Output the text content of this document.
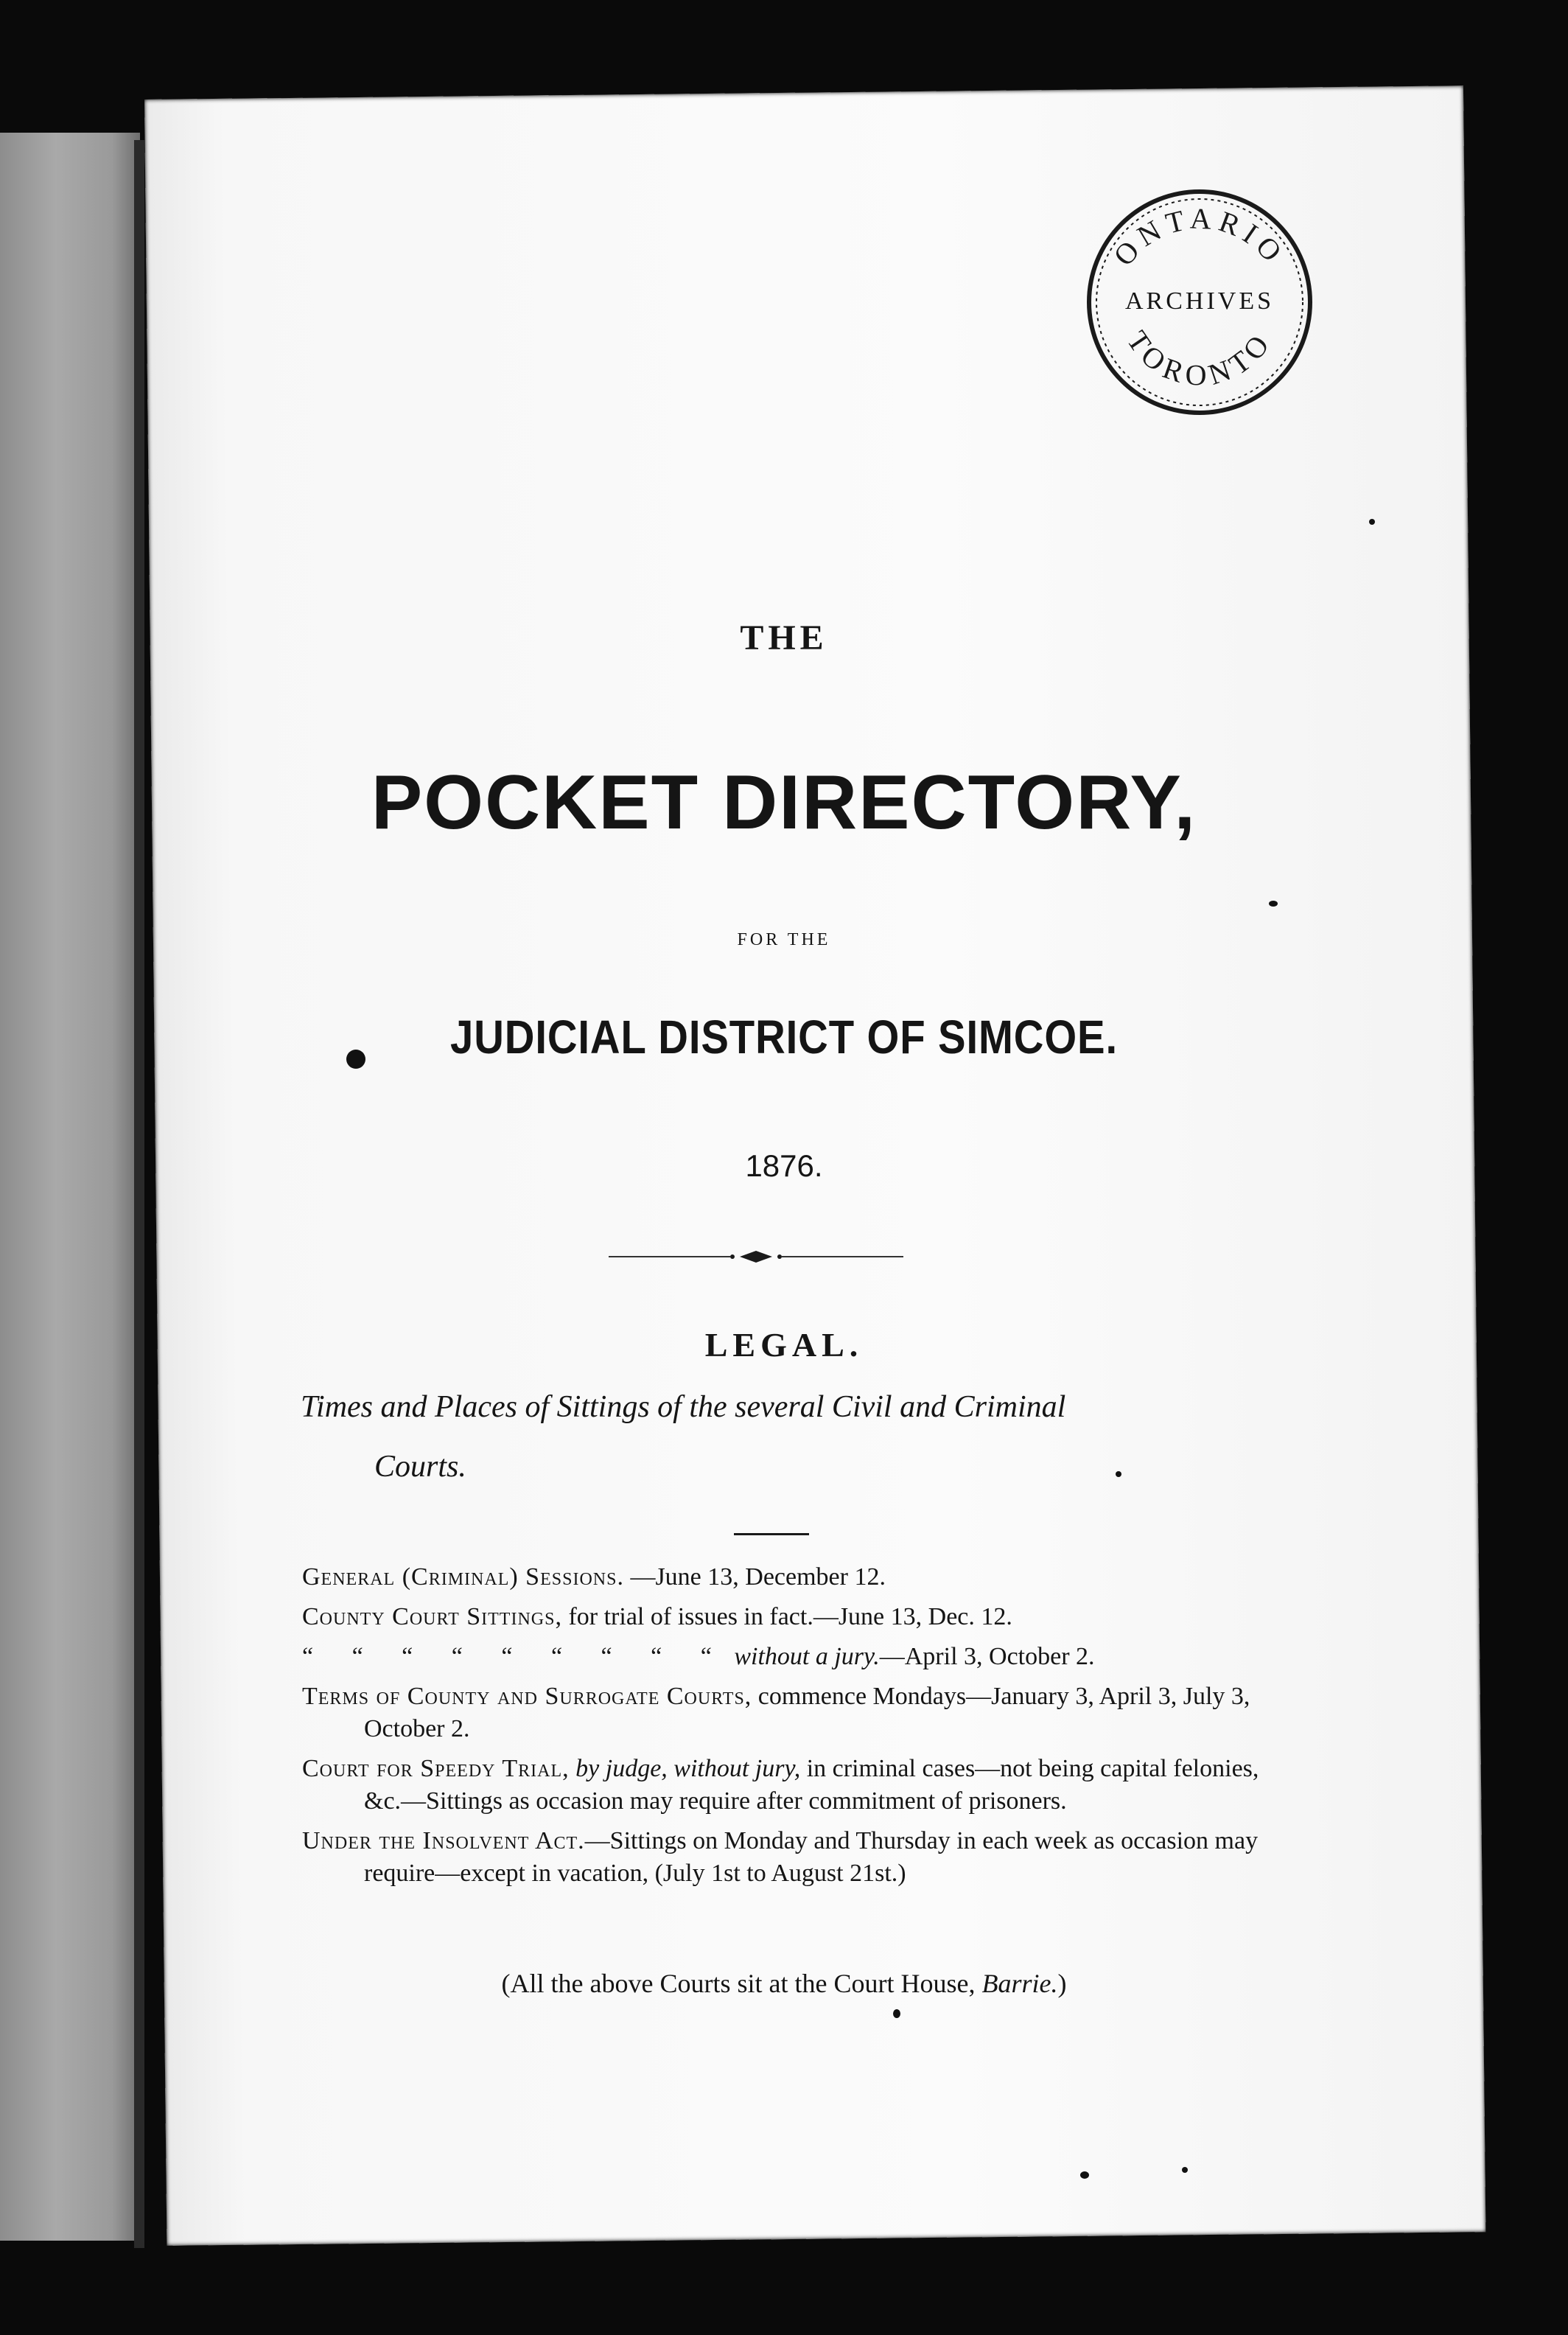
ONTARIO
TORONTO
ARCHIVES
THE
POCKET DIRECTORY,
FOR THE
JUDICIAL DISTRICT OF SIMCOE.
1876.
LEGAL.
Times and Places of Sittings of the several Civil and Criminal
Courts.
General (Criminal) Sessions. —June 13, December 12.
County Court Sittings, for trial of issues in fact.—June 13, Dec. 12.
“ “ “ “ “ “ “ “ “ without a jury.—April 3, October 2.
Terms of County and Surrogate Courts, commence Mondays—January 3, April 3, July 3, October 2.
Court for Speedy Trial, by judge, without jury, in criminal cases—not being capital felonies, &c.—Sittings as occasion may require after commitment of prisoners.
Under the Insolvent Act.—Sittings on Monday and Thursday in each week as occasion may require—except in vacation, (July 1st to August 21st.)
(All the above Courts sit at the Court House, Barrie.)
